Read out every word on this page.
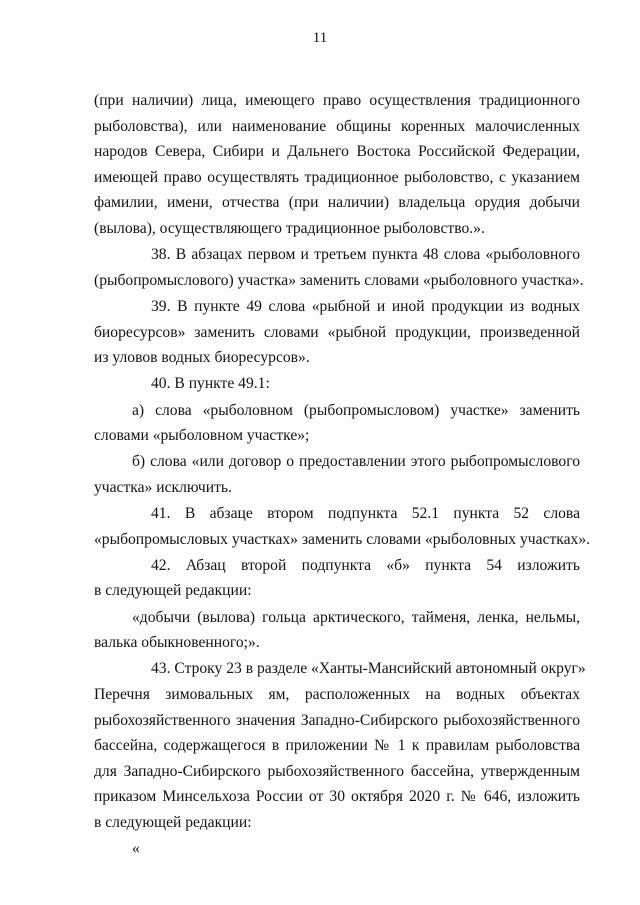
11
(при наличии) лица, имеющего право осуществления традиционного
рыболовства), или наименование общины коренных малочисленных
народов Севера, Сибири и Дальнего Востока Российской Федерации,
имеющей право осуществлять традиционное рыболовство, с указанием
фамилии, имени, отчества (при наличии) владельца орудия добычи
(вылова), осуществляющего традиционное рыболовство.».
38. В абзацах первом и третьем пункта 48 слова «рыболовного
(рыбопромыслового) участка» заменить словами «рыболовного участка».
39. В пункте 49 слова «рыбной и иной продукции из водных
биоресурсов» заменить словами «рыбной продукции, произведенной
из уловов водных биоресурсов».
40. В пункте 49.1:
а) слова «рыболовном (рыбопромысловом) участке» заменить
словами «рыболовном участке»;
б) слова «или договор о предоставлении этого рыбопромыслового
участка» исключить.
41. В абзаце втором подпункта 52.1 пункта 52 слова
«рыбопромысловых участках» заменить словами «рыболовных участках».
42. Абзац второй подпункта «б» пункта 54 изложить
в следующей редакции:
«добычи (вылова) гольца арктического, тайменя, ленка, нельмы,
валька обыкновенного;».
43. Строку 23 в разделе «Ханты-Мансийский автономный округ»
Перечня зимовальных ям, расположенных на водных объектах
рыбохозяйственного значения Западно-Сибирского рыбохозяйственного
бассейна, содержащегося в приложении № 1 к правилам рыболовства
для Западно-Сибирского рыбохозяйственного бассейна, утвержденным
приказом Минсельхоза России от 30 октября 2020 г. № 646, изложить
в следующей редакции:
«
